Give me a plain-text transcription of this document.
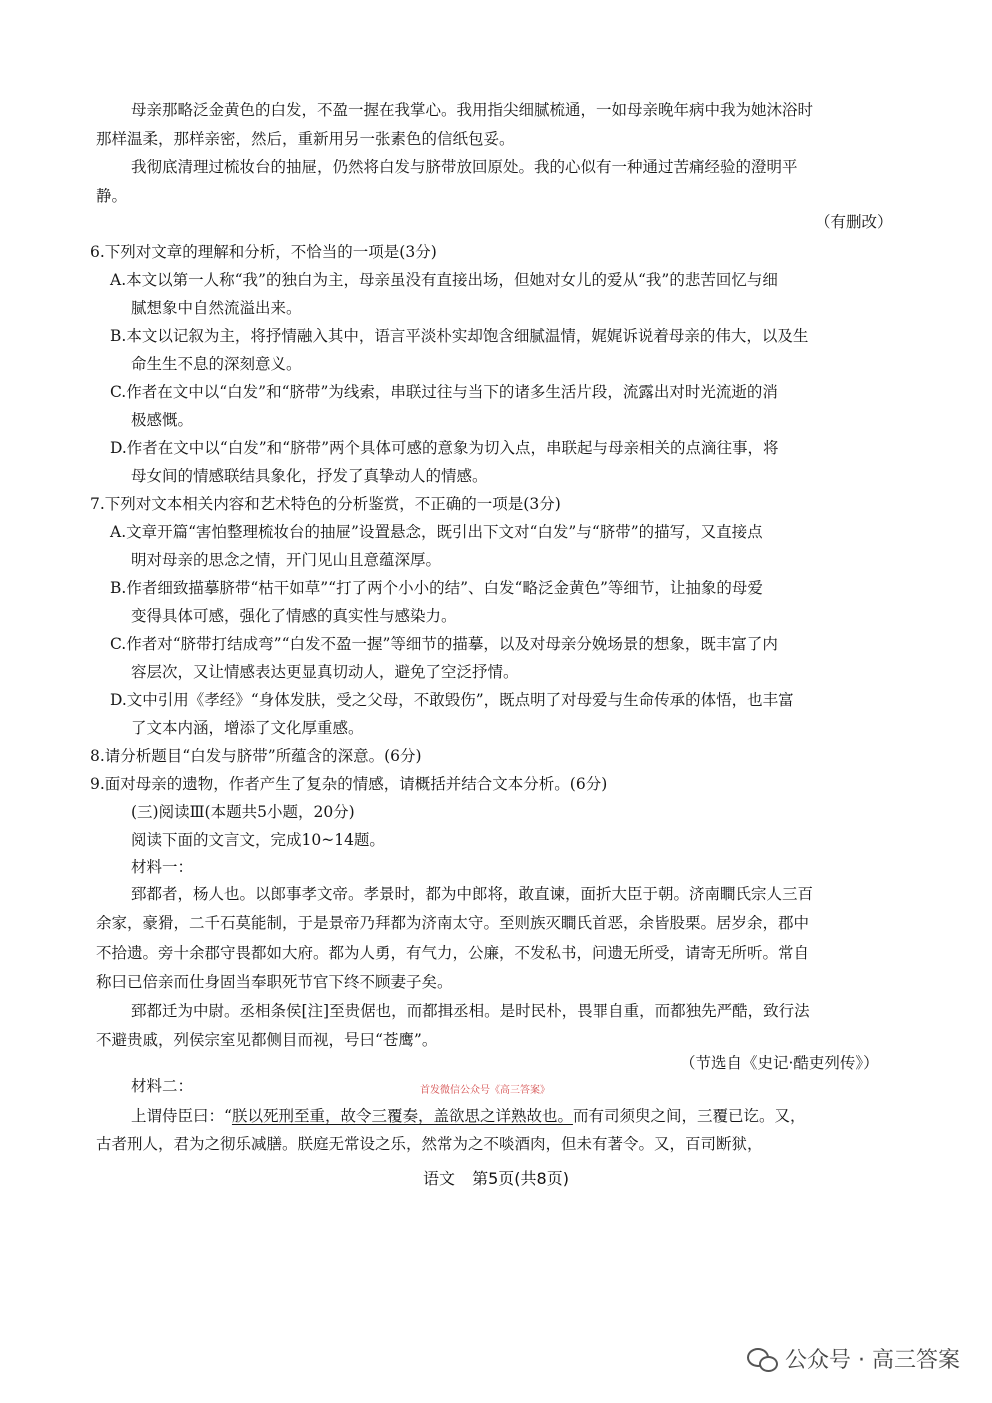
母亲那略泛金黄色的白发，不盈一握在我掌心。我用指尖细腻梳通，一如母亲晚年病中我为她沐浴时
那样温柔，那样亲密，然后，重新用另一张素色的信纸包妥。
我彻底清理过梳妆台的抽屉，仍然将白发与脐带放回原处。我的心似有一种通过苦痛经验的澄明平
静。
（有删改）
6.下列对文章的理解和分析，不恰当的一项是(3分)
A.本文以第一人称“我”的独白为主，母亲虽没有直接出场，但她对女儿的爱从“我”的悲苦回忆与细
腻想象中自然流溢出来。
B.本文以记叙为主，将抒情融入其中，语言平淡朴实却饱含细腻温情，娓娓诉说着母亲的伟大，以及生
命生生不息的深刻意义。
C.作者在文中以“白发”和“脐带”为线索，串联过往与当下的诸多生活片段，流露出对时光流逝的消
极感慨。
D.作者在文中以“白发”和“脐带”两个具体可感的意象为切入点，串联起与母亲相关的点滴往事，将
母女间的情感联结具象化，抒发了真挚动人的情感。
7.下列对文本相关内容和艺术特色的分析鉴赏，不正确的一项是(3分)
A.文章开篇“害怕整理梳妆台的抽屉”设置悬念，既引出下文对“白发”与“脐带”的描写，又直接点
明对母亲的思念之情，开门见山且意蕴深厚。
B.作者细致描摹脐带“枯干如草”“打了两个小小的结”、白发“略泛金黄色”等细节，让抽象的母爱
变得具体可感，强化了情感的真实性与感染力。
C.作者对“脐带打结成弯”“白发不盈一握”等细节的描摹，以及对母亲分娩场景的想象，既丰富了内
容层次，又让情感表达更显真切动人，避免了空泛抒情。
D.文中引用《孝经》“身体发肤，受之父母，不敢毁伤”，既点明了对母爱与生命传承的体悟，也丰富
了文本内涵，增添了文化厚重感。
8.请分析题目“白发与脐带”所蕴含的深意。(6分)
9.面对母亲的遗物，作者产生了复杂的情感，请概括并结合文本分析。(6分)
(三)阅读Ⅲ(本题共5小题，20分)
阅读下面的文言文，完成10~14题。
材料一：
郅都者，杨人也。以郎事孝文帝。孝景时，都为中郎将，敢直谏，面折大臣于朝。济南瞷氏宗人三百
余家，豪猾，二千石莫能制，于是景帝乃拜都为济南太守。至则族灭瞷氏首恶，余皆股栗。居岁余，郡中
不拾遗。旁十余郡守畏都如大府。都为人勇，有气力，公廉，不发私书，问遗无所受，请寄无所听。常自
称曰已倍亲而仕身固当奉职死节官下终不顾妻子矣。
郅都迁为中尉。丞相条侯[注]至贵倨也，而都揖丞相。是时民朴，畏罪自重，而都独先严酷，致行法
不避贵戚，列侯宗室见都侧目而视，号曰“苍鹰”。
（节选自《史记·酷吏列传》）
材料二：
上谓侍臣曰：“朕以死刑至重，故令三覆奏，盖欲思之详熟故也。而有司须臾之间，三覆已讫。又，
古者刑人，君为之彻乐减膳。朕庭无常设之乐，然常为之不啖酒肉，但未有著令。又，百司断狱，
首发微信公众号《高三答案》
语文 第5页(共8页)
公众号 · 高三答案
